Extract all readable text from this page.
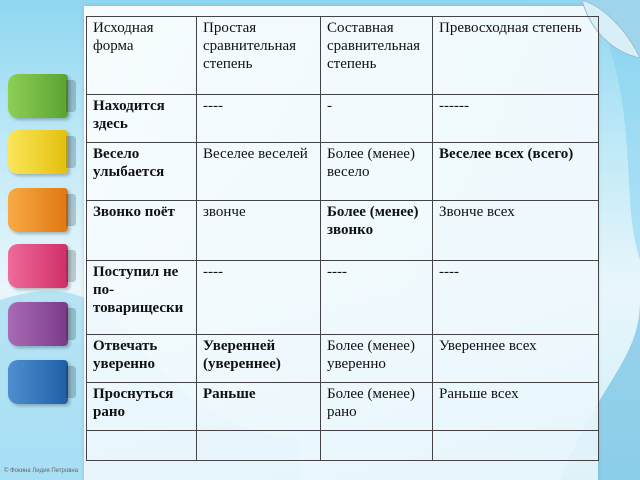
Исходная форма	Простая сравнительная степень	Составная сравнительная степень	Превосходная степень
Находится здесь	----	-	------
Весело улыбается	Веселее веселей	Более (менее) весело	Веселее всех (всего)
Звонко поёт	звонче	Более (менее) звонко	Звонче всех
Поступил не по-товарищески	----	----	----
Отвечать уверенно	Уверенней (увереннее)	Более (менее) уверенно	Увереннее всех
Проснуться рано	Раньше	Более (менее) рано	Раньше всех

© Фокина Лидия Петровна
